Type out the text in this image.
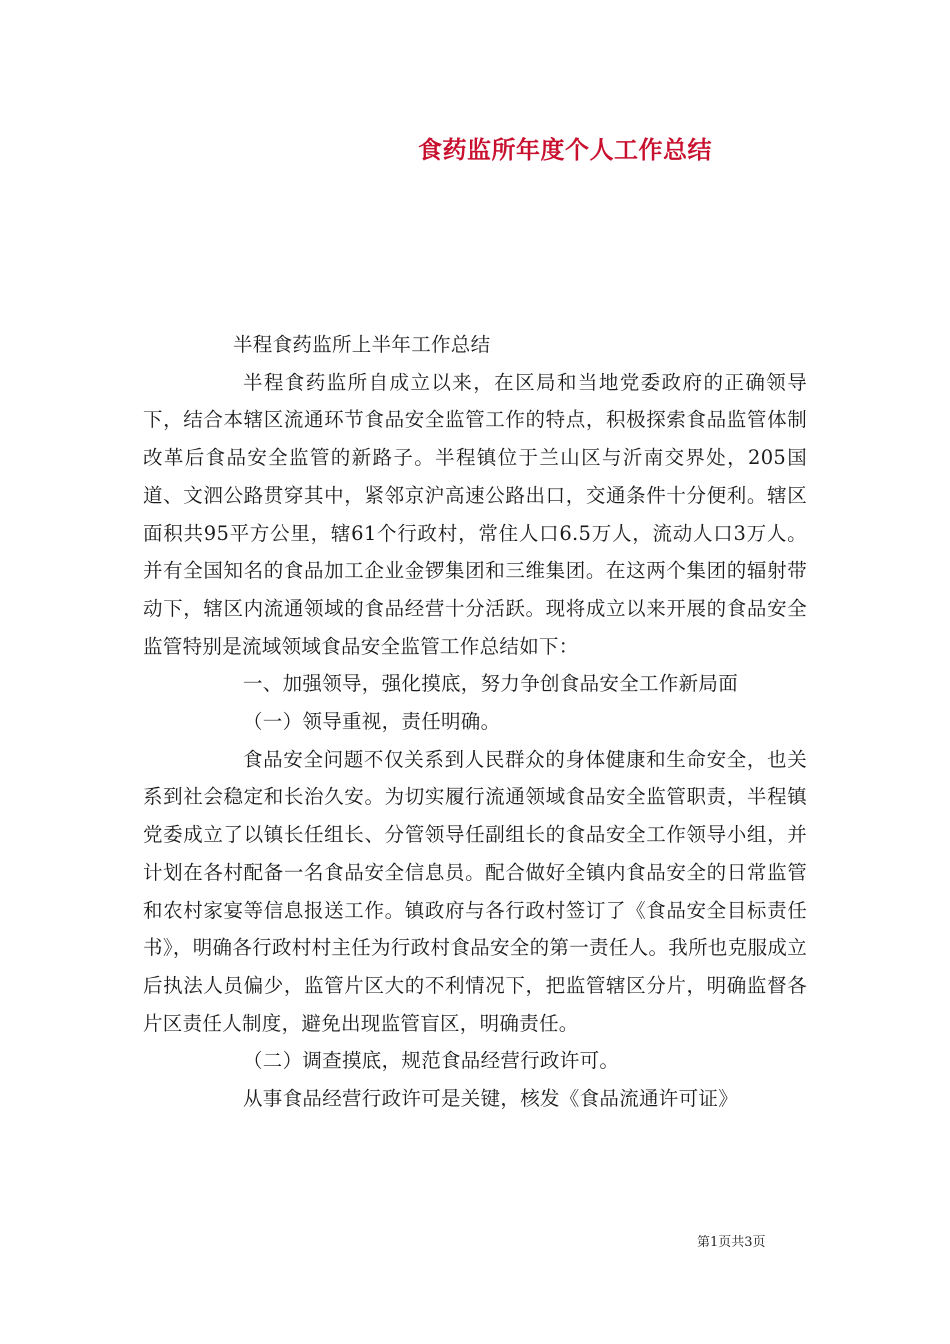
食药监所年度个人工作总结

半程食药监所上半年工作总结

半程食药监所自成立以来，在区局和当地党委政府的正确领导下，结合本辖区流通环节食品安全监管工作的特点，积极探索食品监管体制改革后食品安全监管的新路子。半程镇位于兰山区与沂南交界处，205国道、文泗公路贯穿其中，紧邻京沪高速公路出口，交通条件十分便利。辖区面积共95平方公里，辖61个行政村，常住人口6.5万人，流动人口3万人。并有全国知名的食品加工企业金锣集团和三维集团。在这两个集团的辐射带动下，辖区内流通领域的食品经营十分活跃。现将成立以来开展的食品安全监管特别是流域领域食品安全监管工作总结如下：

一、加强领导，强化摸底，努力争创食品安全工作新局面

（一）领导重视，责任明确。

食品安全问题不仅关系到人民群众的身体健康和生命安全，也关系到社会稳定和长治久安。为切实履行流通领域食品安全监管职责，半程镇党委成立了以镇长任组长、分管领导任副组长的食品安全工作领导小组，并计划在各村配备一名食品安全信息员。配合做好全镇内食品安全的日常监管和农村家宴等信息报送工作。镇政府与各行政村签订了《食品安全目标责任书》，明确各行政村村主任为行政村食品安全的第一责任人。我所也克服成立后执法人员偏少，监管片区大的不利情况下，把监管辖区分片，明确监督各片区责任人制度，避免出现监管盲区，明确责任。

（二）调查摸底，规范食品经营行政许可。

从事食品经营行政许可是关键，核发《食品流通许可证》

第1页共3页
